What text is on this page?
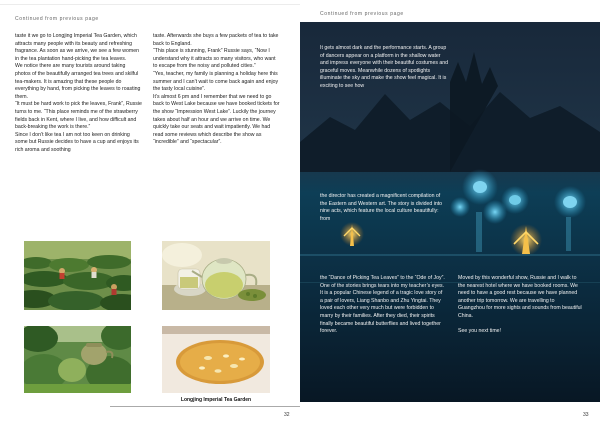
Continued from previous page

taste it we go to Longjing Imperial Tea Garden, which attracts many people with its beauty and refreshing fragrance. As soon as we arrive, we see a few women in the tea plantation hand-picking the tea leaves.

We notice there are many tourists around taking photos of the beautifully arranged tea trees and skilful tea-makers. It is amazing that these people do everything by hand, from picking the leaves to roasting them.

“It must be hard work to pick the leaves, Frank”, Russie turns to me. “This place reminds me of the strawberry fields back in Kent, where I live, and how difficult and back-breaking the work is there.”

Since I don’t like tea I am not too keen on drinking some but Russie decides to have a cup and enjoys its rich aroma and soothing

taste. Afterwards she buys a few packets of tea to take back to England.

“This place is stunning, Frank” Russie says, “Now I understand why it attracts so many visitors, who want to escape from the noisy and polluted cities.”

“Yes, teacher, my family is planning a holiday here this summer and I can’t wait to come back again and enjoy the tasty local cuisine”.

It’s almost 6 pm and I remember that we need to go back to West Lake because we have booked tickets for the show “Impression West Lake”. Luckily the journey takes about half an hour and we arrive on time. We quickly take our seats and wait impatiently. We had read some reviews which describe the show as “incredible” and “spectacular”.

Longjing Imperial Tea Garden
32
Continued from previous page

It gets almost dark and the performance starts. A group of dancers appear on a platform in the shallow water and impress everyone with their beautiful costumes and graceful moves. Meanwhile dozens of spotlights illuminate the sky and make the show feel magical. It is exciting to see how

the director has created a magnificent compilation of the Eastern and Western art. The story is divided into nine acts, which feature the local culture beautifully: from

the “Dance of Picking Tea Leaves” to the “Ode of Joy”.

One of the stories brings tears into my teacher’s eyes. It is a popular Chinese legend of a tragic love story of a pair of lovers, Liang Shanbo and Zhu Yingtai. They loved each other very much but were forbidden to marry by their families. After they died, their spirits finally became beautiful butterflies and lived together forever.

Moved by this wonderful show, Russie and I walk to the nearest hotel where we have booked rooms. We need to have a good rest because we have planned another trip tomorrow. We are travelling to Guangzhou for more sights and sounds from beautiful China.

See you next time!

33
